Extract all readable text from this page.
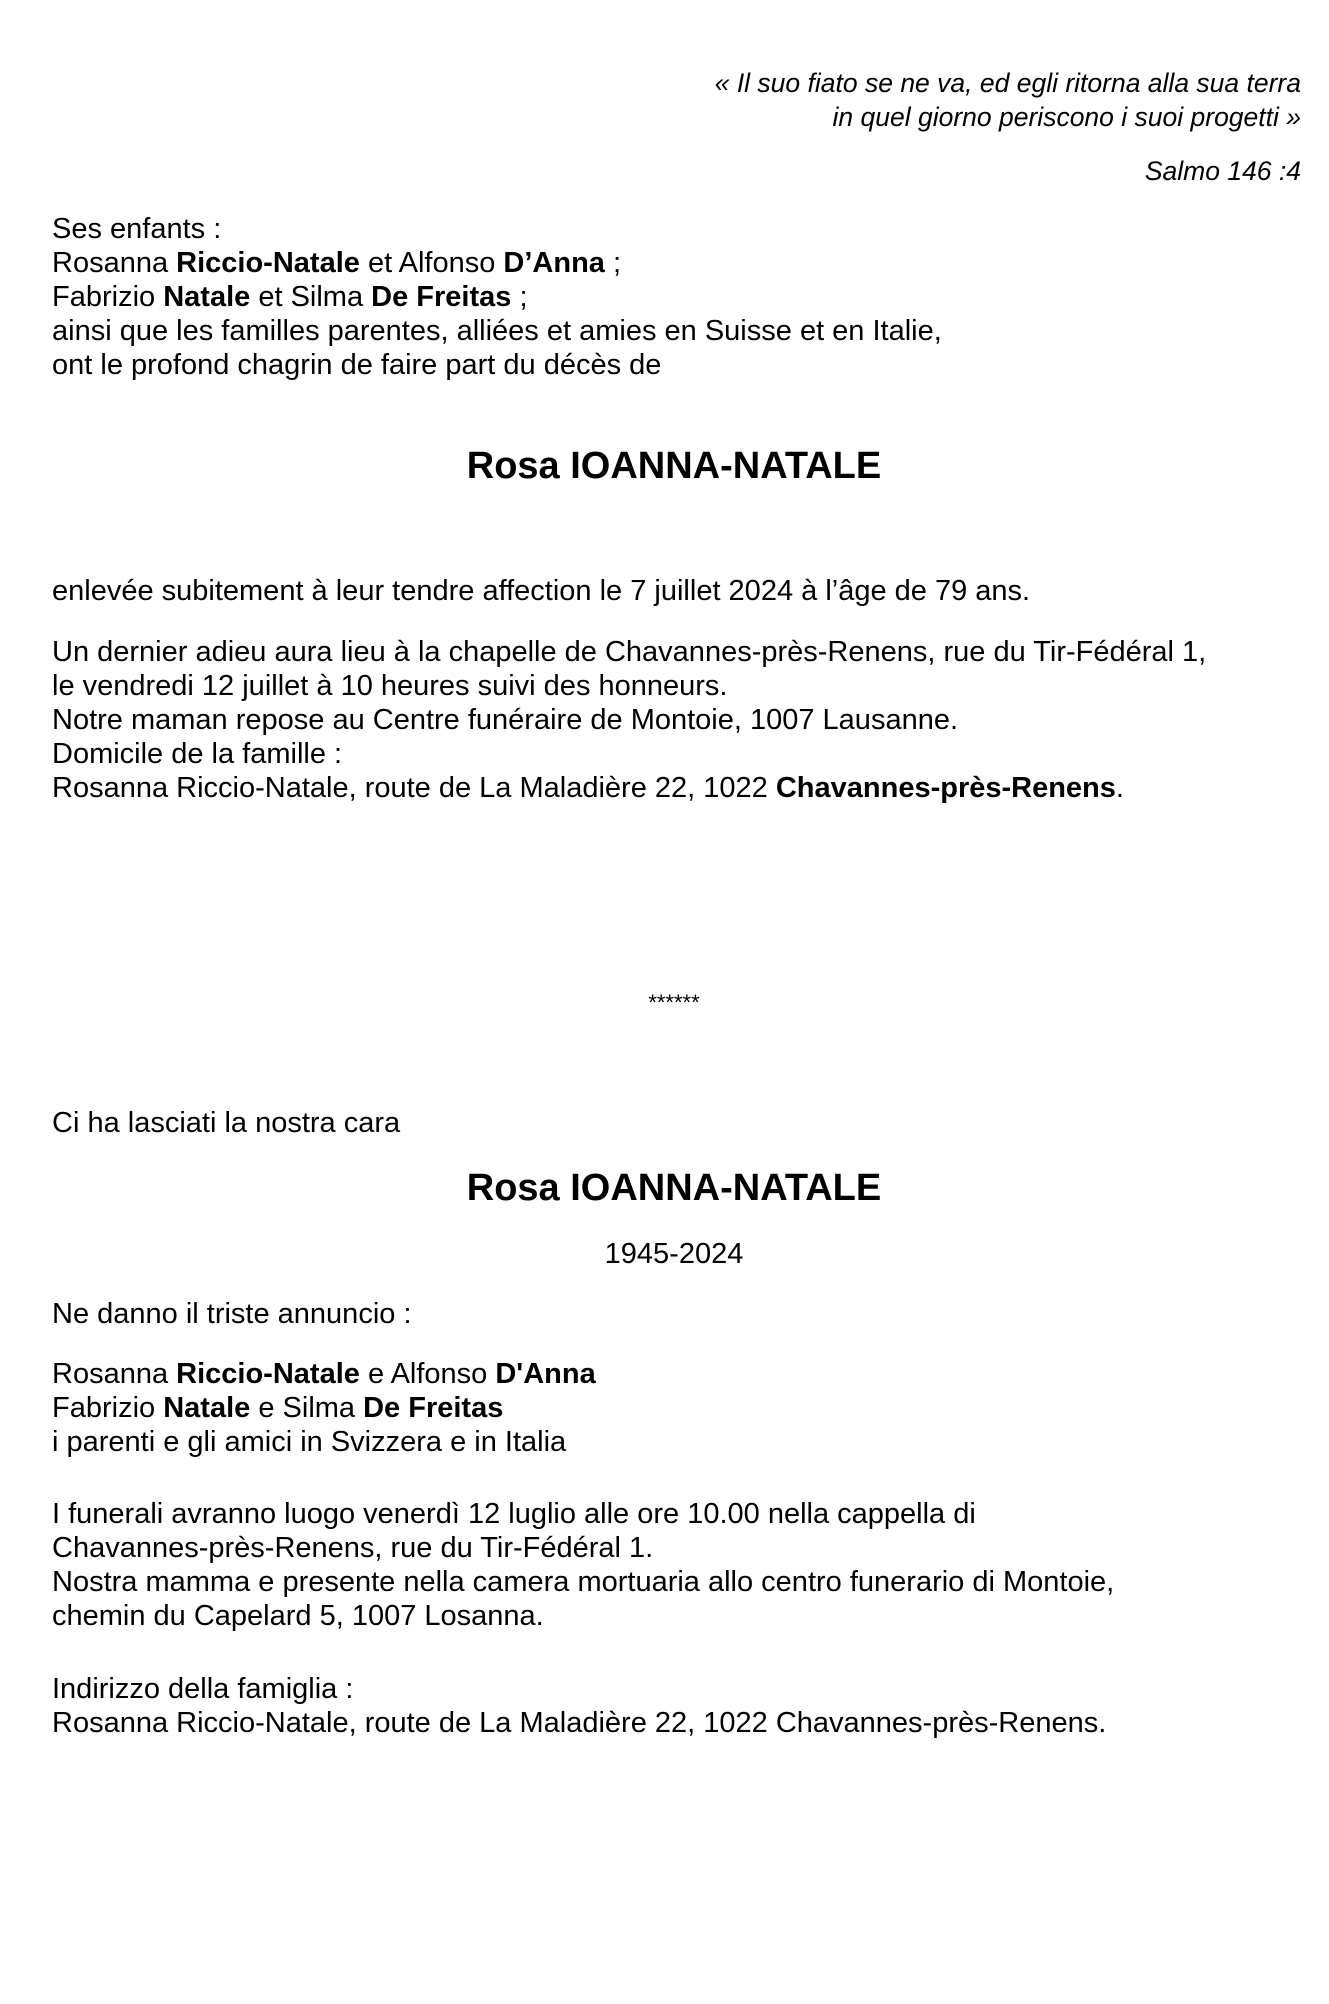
« Il suo fiato se ne va, ed egli ritorna alla sua terra
in quel giorno periscono i suoi progetti »
Salmo 146 :4
Ses enfants :
Rosanna Riccio-Natale et Alfonso D’Anna ;
Fabrizio Natale et Silma De Freitas ;
ainsi que les familles parentes, alliées et amies en Suisse et en Italie,
ont le profond chagrin de faire part du décès de
Rosa IOANNA-NATALE
enlevée subitement à leur tendre affection le 7 juillet 2024 à l’âge de 79 ans.
Un dernier adieu aura lieu à la chapelle de Chavannes-près-Renens, rue du Tir-Fédéral 1,
le vendredi 12 juillet à 10 heures suivi des honneurs.
Notre maman repose au Centre funéraire de Montoie, 1007 Lausanne.
Domicile de la famille :
Rosanna Riccio-Natale, route de La Maladière 22, 1022 Chavannes-près-Renens.
******
Ci ha lasciati la nostra cara
Rosa IOANNA-NATALE
1945-2024
Ne danno il triste annuncio :
Rosanna Riccio-Natale e Alfonso D'Anna
Fabrizio Natale e Silma De Freitas
i parenti e gli amici in Svizzera e in Italia
I funerali avranno luogo venerdì 12 luglio alle ore 10.00 nella cappella di
Chavannes-près-Renens, rue du Tir-Fédéral 1.
Nostra mamma e presente nella camera mortuaria allo centro funerario di Montoie,
chemin du Capelard 5, 1007 Losanna.
Indirizzo della famiglia :
Rosanna Riccio-Natale, route de La Maladière 22, 1022 Chavannes-près-Renens.
